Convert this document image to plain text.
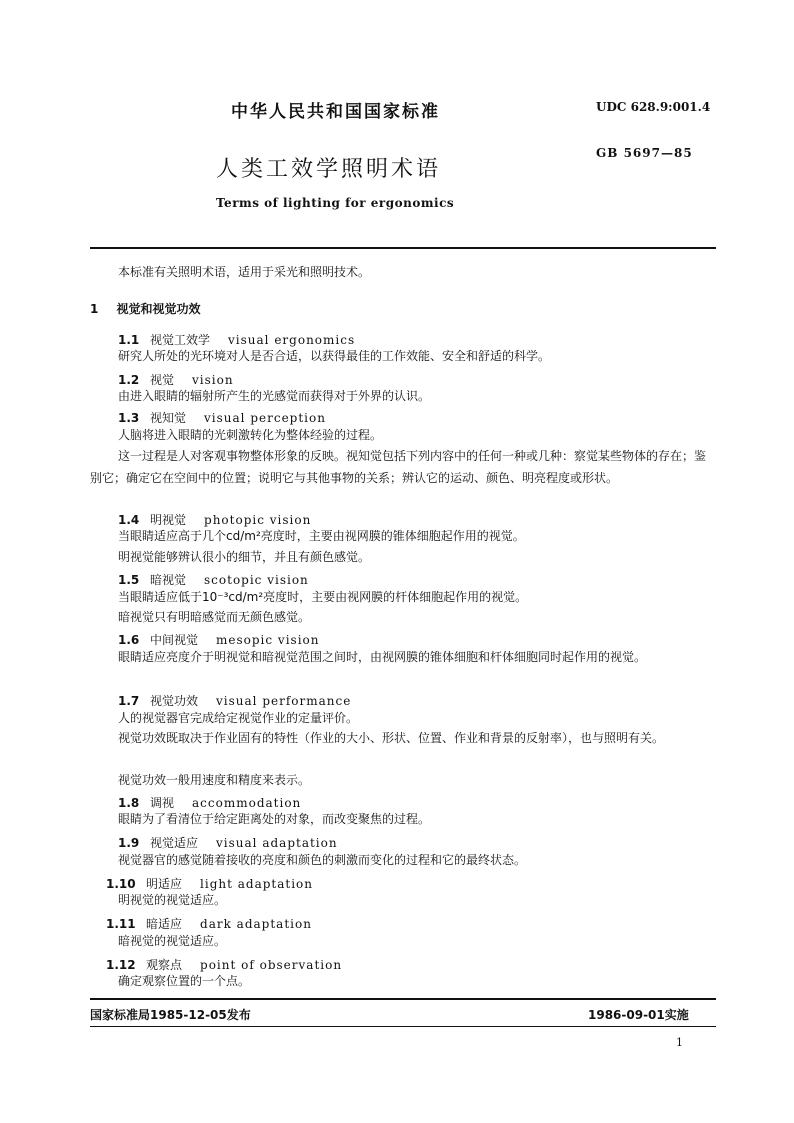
中华人民共和国国家标准	UDC 628.9:001.4
人类工效学照明术语
GB 5697—85
Terms of lighting for ergonomics
本标准有关照明术语，适用于采光和照明技术。
1 视觉和视觉功效
1.1 视觉工效学 visual ergonomics
研究人所处的光环境对人是否合适，以获得最佳的工作效能、安全和舒适的科学。
1.2 视觉 vision
由进入眼睛的辐射所产生的光感觉而获得对于外界的认识。
1.3 视知觉 visual perception
人脑将进入眼睛的光刺激转化为整体经验的过程。
这一过程是人对客观事物整体形象的反映。视知觉包括下列内容中的任何一种或几种：察觉某些物体的存在；鉴别它；确定它在空间中的位置；说明它与其他事物的关系；辨认它的运动、颜色、明亮程度或形状。
1.4 明视觉 photopic vision
当眼睛适应高于几个cd/m²亮度时，主要由视网膜的锥体细胞起作用的视觉。
明视觉能够辨认很小的细节，并且有颜色感觉。
1.5 暗视觉 scotopic vision
当眼睛适应低于10⁻³cd/m²亮度时，主要由视网膜的杆体细胞起作用的视觉。
暗视觉只有明暗感觉而无颜色感觉。
1.6 中间视觉 mesopic vision
眼睛适应亮度介于明视觉和暗视觉范围之间时，由视网膜的锥体细胞和杆体细胞同时起作用的视觉。
1.7 视觉功效 visual performance
人的视觉器官完成给定视觉作业的定量评价。
视觉功效既取决于作业固有的特性（作业的大小、形状、位置、作业和背景的反射率），也与照明有关。
视觉功效一般用速度和精度来表示。
1.8 调视 accommodation
眼睛为了看清位于给定距离处的对象，而改变聚焦的过程。
1.9 视觉适应 visual adaptation
视觉器官的感觉随着接收的亮度和颜色的刺激而变化的过程和它的最终状态。
1.10 明适应 light adaptation
明视觉的视觉适应。
1.11 暗适应 dark adaptation
暗视觉的视觉适应。
1.12 观察点 point of observation
确定观察位置的一个点。
国家标准局1985-12-05发布	1986-09-01实施
1
